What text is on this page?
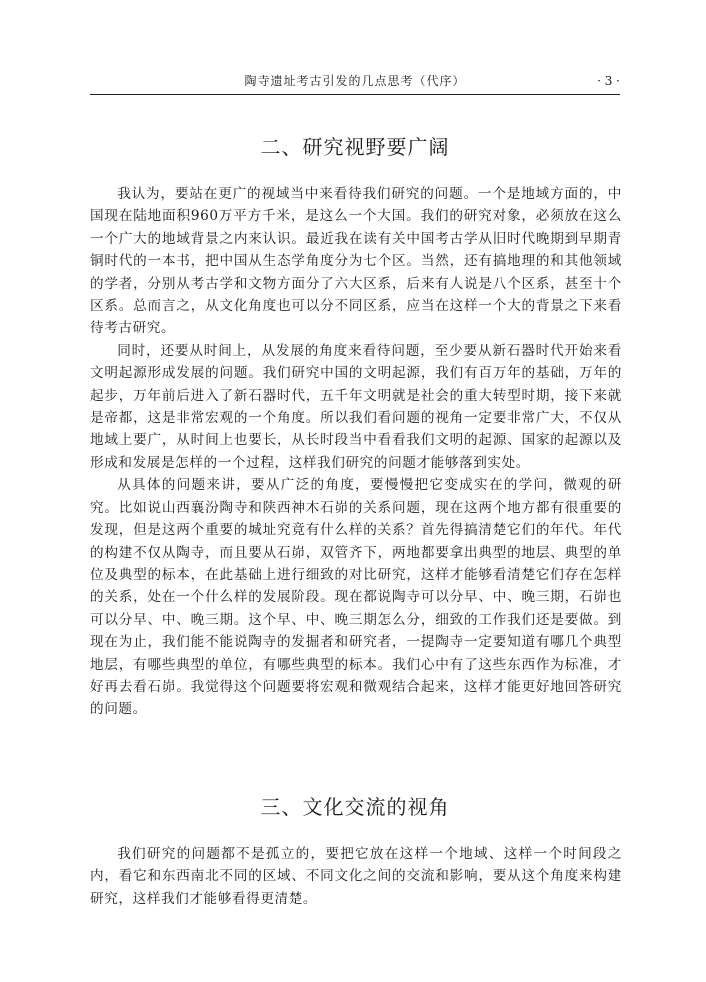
陶寺遗址考古引发的几点思考（代序）	· 3 ·
二、研究视野要广阔

我认为，要站在更广的视域当中来看待我们研究的问题。一个是地域方面的，中国现在陆地面积960万平方千米，是这么一个大国。我们的研究对象，必须放在这么一个广大的地域背景之内来认识。最近我在读有关中国考古学从旧时代晚期到早期青铜时代的一本书，把中国从生态学角度分为七个区。当然，还有搞地理的和其他领域的学者，分别从考古学和文物方面分了六大区系，后来有人说是八个区系，甚至十个区系。总而言之，从文化角度也可以分不同区系，应当在这样一个大的背景之下来看待考古研究。

同时，还要从时间上，从发展的角度来看待问题，至少要从新石器时代开始来看文明起源形成发展的问题。我们研究中国的文明起源，我们有百万年的基础，万年的起步，万年前后进入了新石器时代，五千年文明就是社会的重大转型时期，接下来就是帝都，这是非常宏观的一个角度。所以我们看问题的视角一定要非常广大，不仅从地域上要广，从时间上也要长，从长时段当中看看我们文明的起源、国家的起源以及形成和发展是怎样的一个过程，这样我们研究的问题才能够落到实处。

从具体的问题来讲，要从广泛的角度，要慢慢把它变成实在的学问，微观的研究。比如说山西襄汾陶寺和陕西神木石峁的关系问题，现在这两个地方都有很重要的发现，但是这两个重要的城址究竟有什么样的关系？首先得搞清楚它们的年代。年代的构建不仅从陶寺，而且要从石峁，双管齐下，两地都要拿出典型的地层、典型的单位及典型的标本，在此基础上进行细致的对比研究，这样才能够看清楚它们存在怎样的关系，处在一个什么样的发展阶段。现在都说陶寺可以分早、中、晚三期，石峁也可以分早、中、晚三期。这个早、中、晚三期怎么分，细致的工作我们还是要做。到现在为止，我们能不能说陶寺的发掘者和研究者，一提陶寺一定要知道有哪几个典型地层，有哪些典型的单位，有哪些典型的标本。我们心中有了这些东西作为标准，才好再去看石峁。我觉得这个问题要将宏观和微观结合起来，这样才能更好地回答研究的问题。

三、文化交流的视角

我们研究的问题都不是孤立的，要把它放在这样一个地域、这样一个时间段之内，看它和东西南北不同的区域、不同文化之间的交流和影响，要从这个角度来构建研究，这样我们才能够看得更清楚。
